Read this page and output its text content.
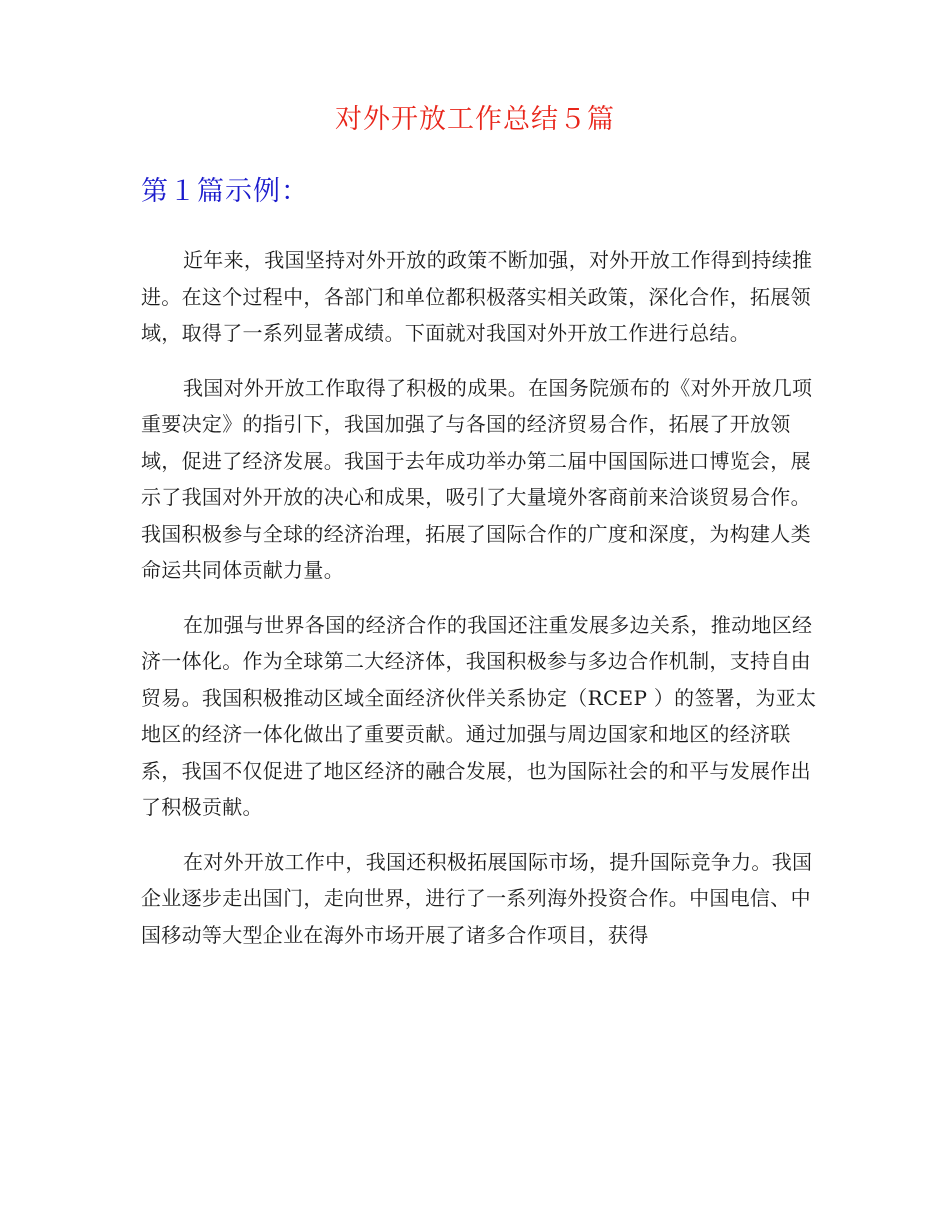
对外开放工作总结５篇
第１篇示例：

近年来，我国坚持对外开放的政策不断加强，对外开放工作得到持续推进。在这个过程中，各部门和单位都积极落实相关政策，深化合作，拓展领域，取得了一系列显著成绩。下面就对我国对外开放工作进行总结。

我国对外开放工作取得了积极的成果。在国务院颁布的《对外开放几项重要决定》的指引下，我国加强了与各国的经济贸易合作，拓展了开放领域，促进了经济发展。我国于去年成功举办第二届中国国际进口博览会，展示了我国对外开放的决心和成果，吸引了大量境外客商前来洽谈贸易合作。我国积极参与全球的经济治理，拓展了国际合作的广度和深度，为构建人类命运共同体贡献力量。

在加强与世界各国的经济合作的我国还注重发展多边关系，推动地区经济一体化。作为全球第二大经济体，我国积极参与多边合作机制，支持自由贸易。我国积极推动区域全面经济伙伴关系协定（RCEP ）的签署，为亚太地区的经济一体化做出了重要贡献。通过加强与周边国家和地区的经济联系，我国不仅促进了地区经济的融合发展，也为国际社会的和平与发展作出了积极贡献。

在对外开放工作中，我国还积极拓展国际市场，提升国际竞争力。我国企业逐步走出国门，走向世界，进行了一系列海外投资合作。中国电信、中国移动等大型企业在海外市场开展了诸多合作项目，获得
